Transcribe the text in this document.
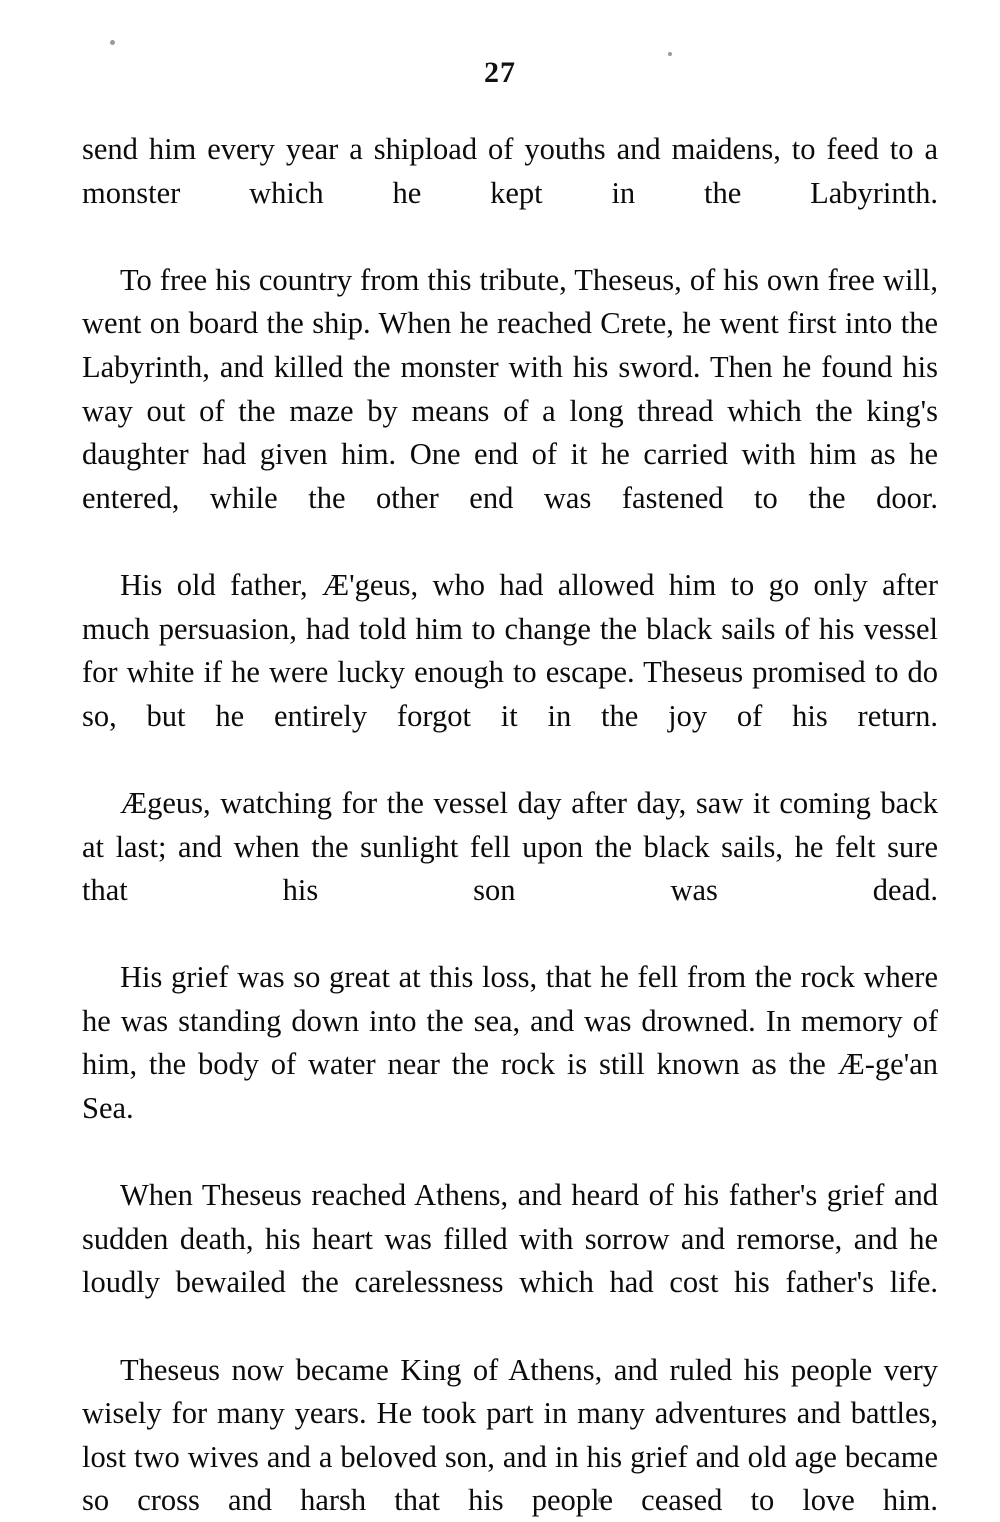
27

send him every year a shipload of youths and maidens, to feed to a monster which he kept in the Labyrinth.

To free his country from this tribute, Theseus, of his own free will, went on board the ship. When he reached Crete, he went first into the Labyrinth, and killed the monster with his sword. Then he found his way out of the maze by means of a long thread which the king's daughter had given him. One end of it he carried with him as he entered, while the other end was fastened to the door.

His old father, Æ'geus, who had allowed him to go only after much persuasion, had told him to change the black sails of his vessel for white if he were lucky enough to escape. Theseus promised to do so, but he entirely forgot it in the joy of his return.

Ægeus, watching for the vessel day after day, saw it coming back at last; and when the sunlight fell upon the black sails, he felt sure that his son was dead.

His grief was so great at this loss, that he fell from the rock where he was standing down into the sea, and was drowned. In memory of him, the body of water near the rock is still known as the Æ-ge'an Sea.

When Theseus reached Athens, and heard of his father's grief and sudden death, his heart was filled with sorrow and remorse, and he loudly bewailed the carelessness which had cost his father's life.

Theseus now became King of Athens, and ruled his people very wisely for many years. He took part in many adventures and battles, lost two wives and a beloved son, and in his grief and old age became so cross and harsh that his people ceased to love him.
